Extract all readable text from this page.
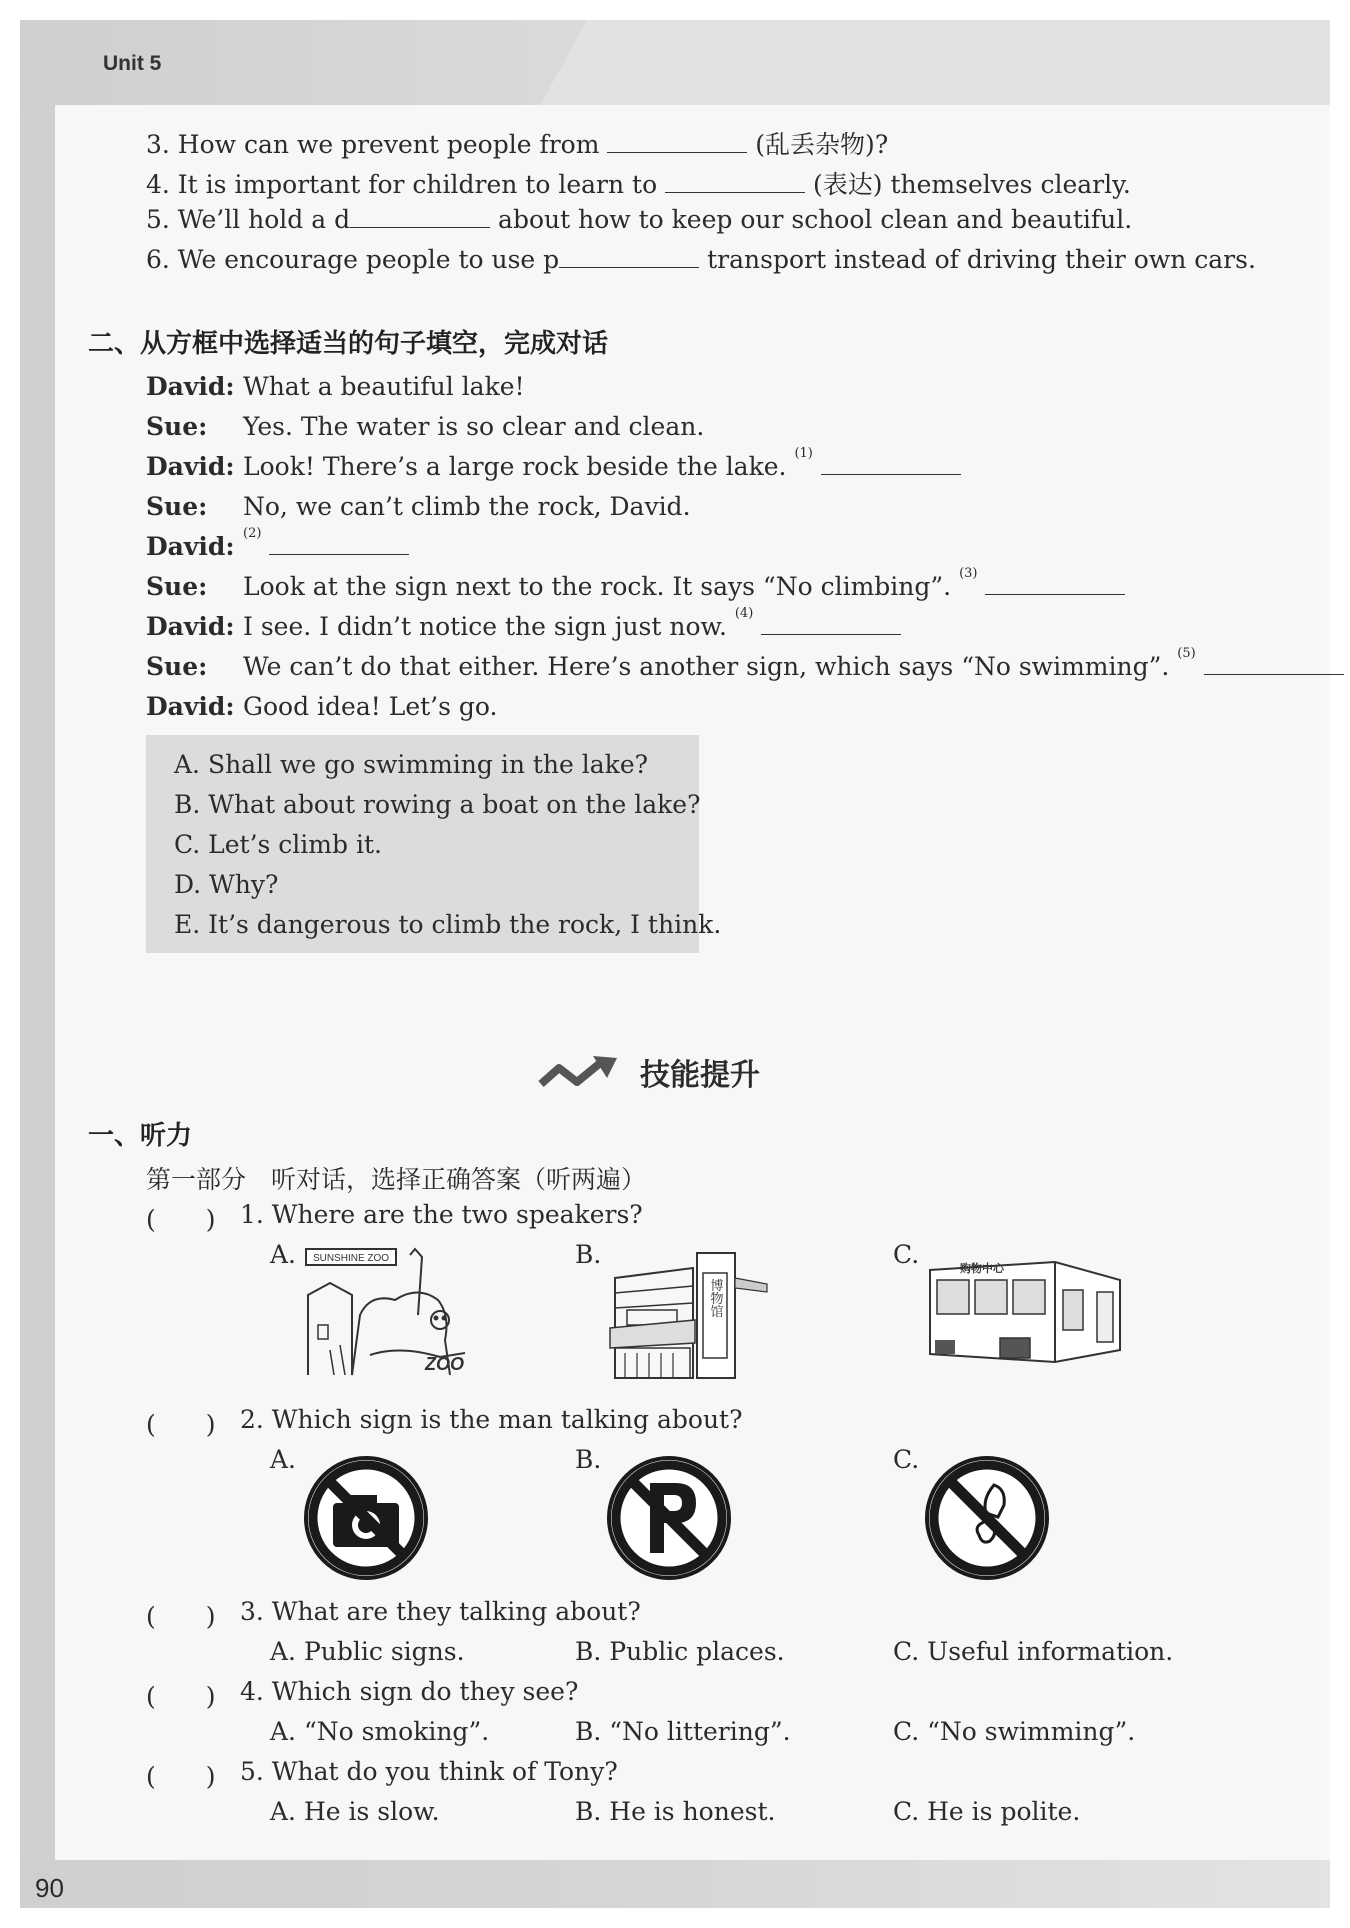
Unit 5
3. How can we prevent people from	(乱丢杂物)?
4. It is important for children to learn to	(表达) themselves clearly.
5. We’ll hold a d	about how to keep our school clean and beautiful.
6. We encourage people to use p	transport instead of driving their own cars.
二、从方框中选择适当的句子填空，完成对话
David: What a beautiful lake!
Sue: Yes. The water is so clear and clean.
David: Look! There’s a large rock beside the lake. $^{(1)}$
Sue: No, we can’t climb the rock, David.
David: $^{(2)}$
Sue: Look at the sign next to the rock. It says “No climbing”. $^{(3)}$
David: I see. I didn’t notice the sign just now. $^{(4)}$
Sue: We can’t do that either. Here’s another sign, which says “No swimming”. $^{(5)}$
David: Good idea! Let’s go.
A. Shall we go swimming in the lake?
B. What about rowing a boat on the lake?
C. Let’s climb it.
D. Why?
E. It’s dangerous to climb the rock, I think.
技能提升
一、听力
第一部分　听对话，选择正确答案（听两遍）
(　　) 1. Where are the two speakers?
A.	B.	C.
SUNSHINE ZOO
ZOO
博物馆
购物中心
(　　) 2. Which sign is the man talking about?
A.	B.	C.
(　　) 3. What are they talking about?
A. Public signs.	B. Public places.	C. Useful information.
(　　) 4. Which sign do they see?
A. “No smoking”.	B. “No littering”.	C. “No swimming”.
(　　) 5. What do you think of Tony?
A. He is slow.	B. He is honest.	C. He is polite.
90
